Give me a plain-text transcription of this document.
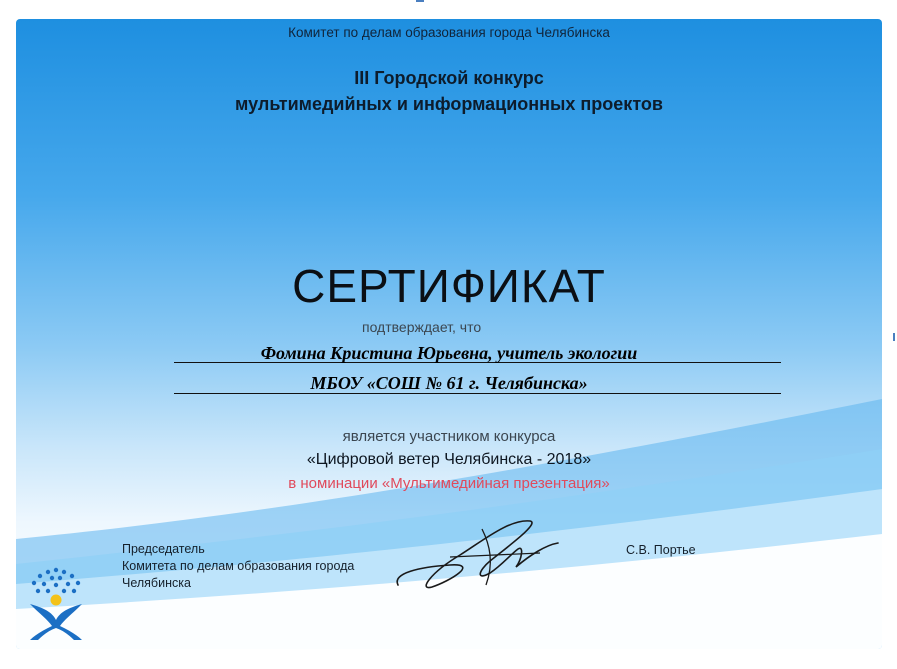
Комитет по делам образования города Челябинска
III Городской конкурс
мультимедийных и информационных проектов
СЕРТИФИКАТ
подтверждает, что
Фомина Кристина Юрьевна, учитель экологии
МБОУ «СОШ № 61 г. Челябинска»
является участником конкурса
«Цифровой ветер Челябинска - 2018»
в номинации «Мультимедийная презентация»
Председатель
Комитета по делам образования города
Челябинска
С.В. Портье
